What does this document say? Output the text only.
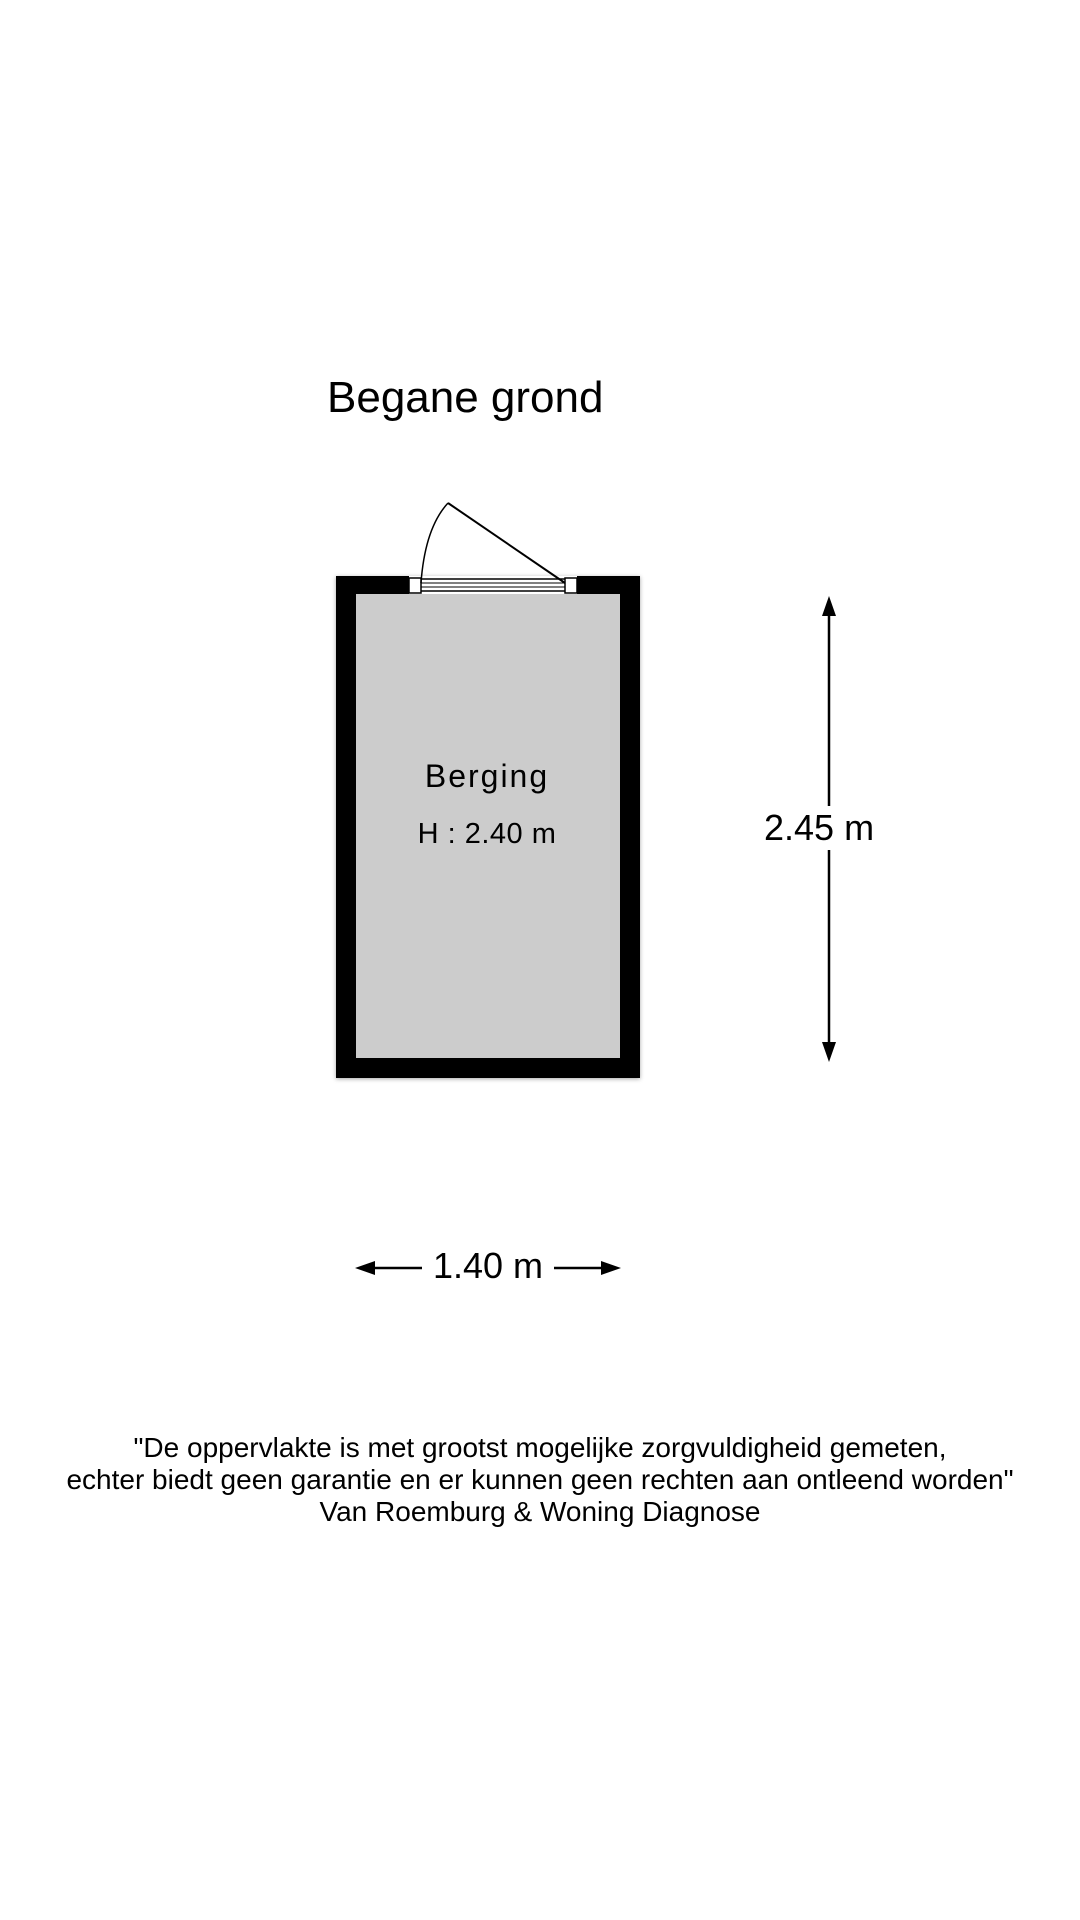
Begane grond
Berging
H : 2.40 m	2.45 m
1.40 m
"De oppervlakte is met grootst mogelijke zorgvuldigheid gemeten,
echter biedt geen garantie en er kunnen geen rechten aan ontleend worden"
Van Roemburg & Woning Diagnose
